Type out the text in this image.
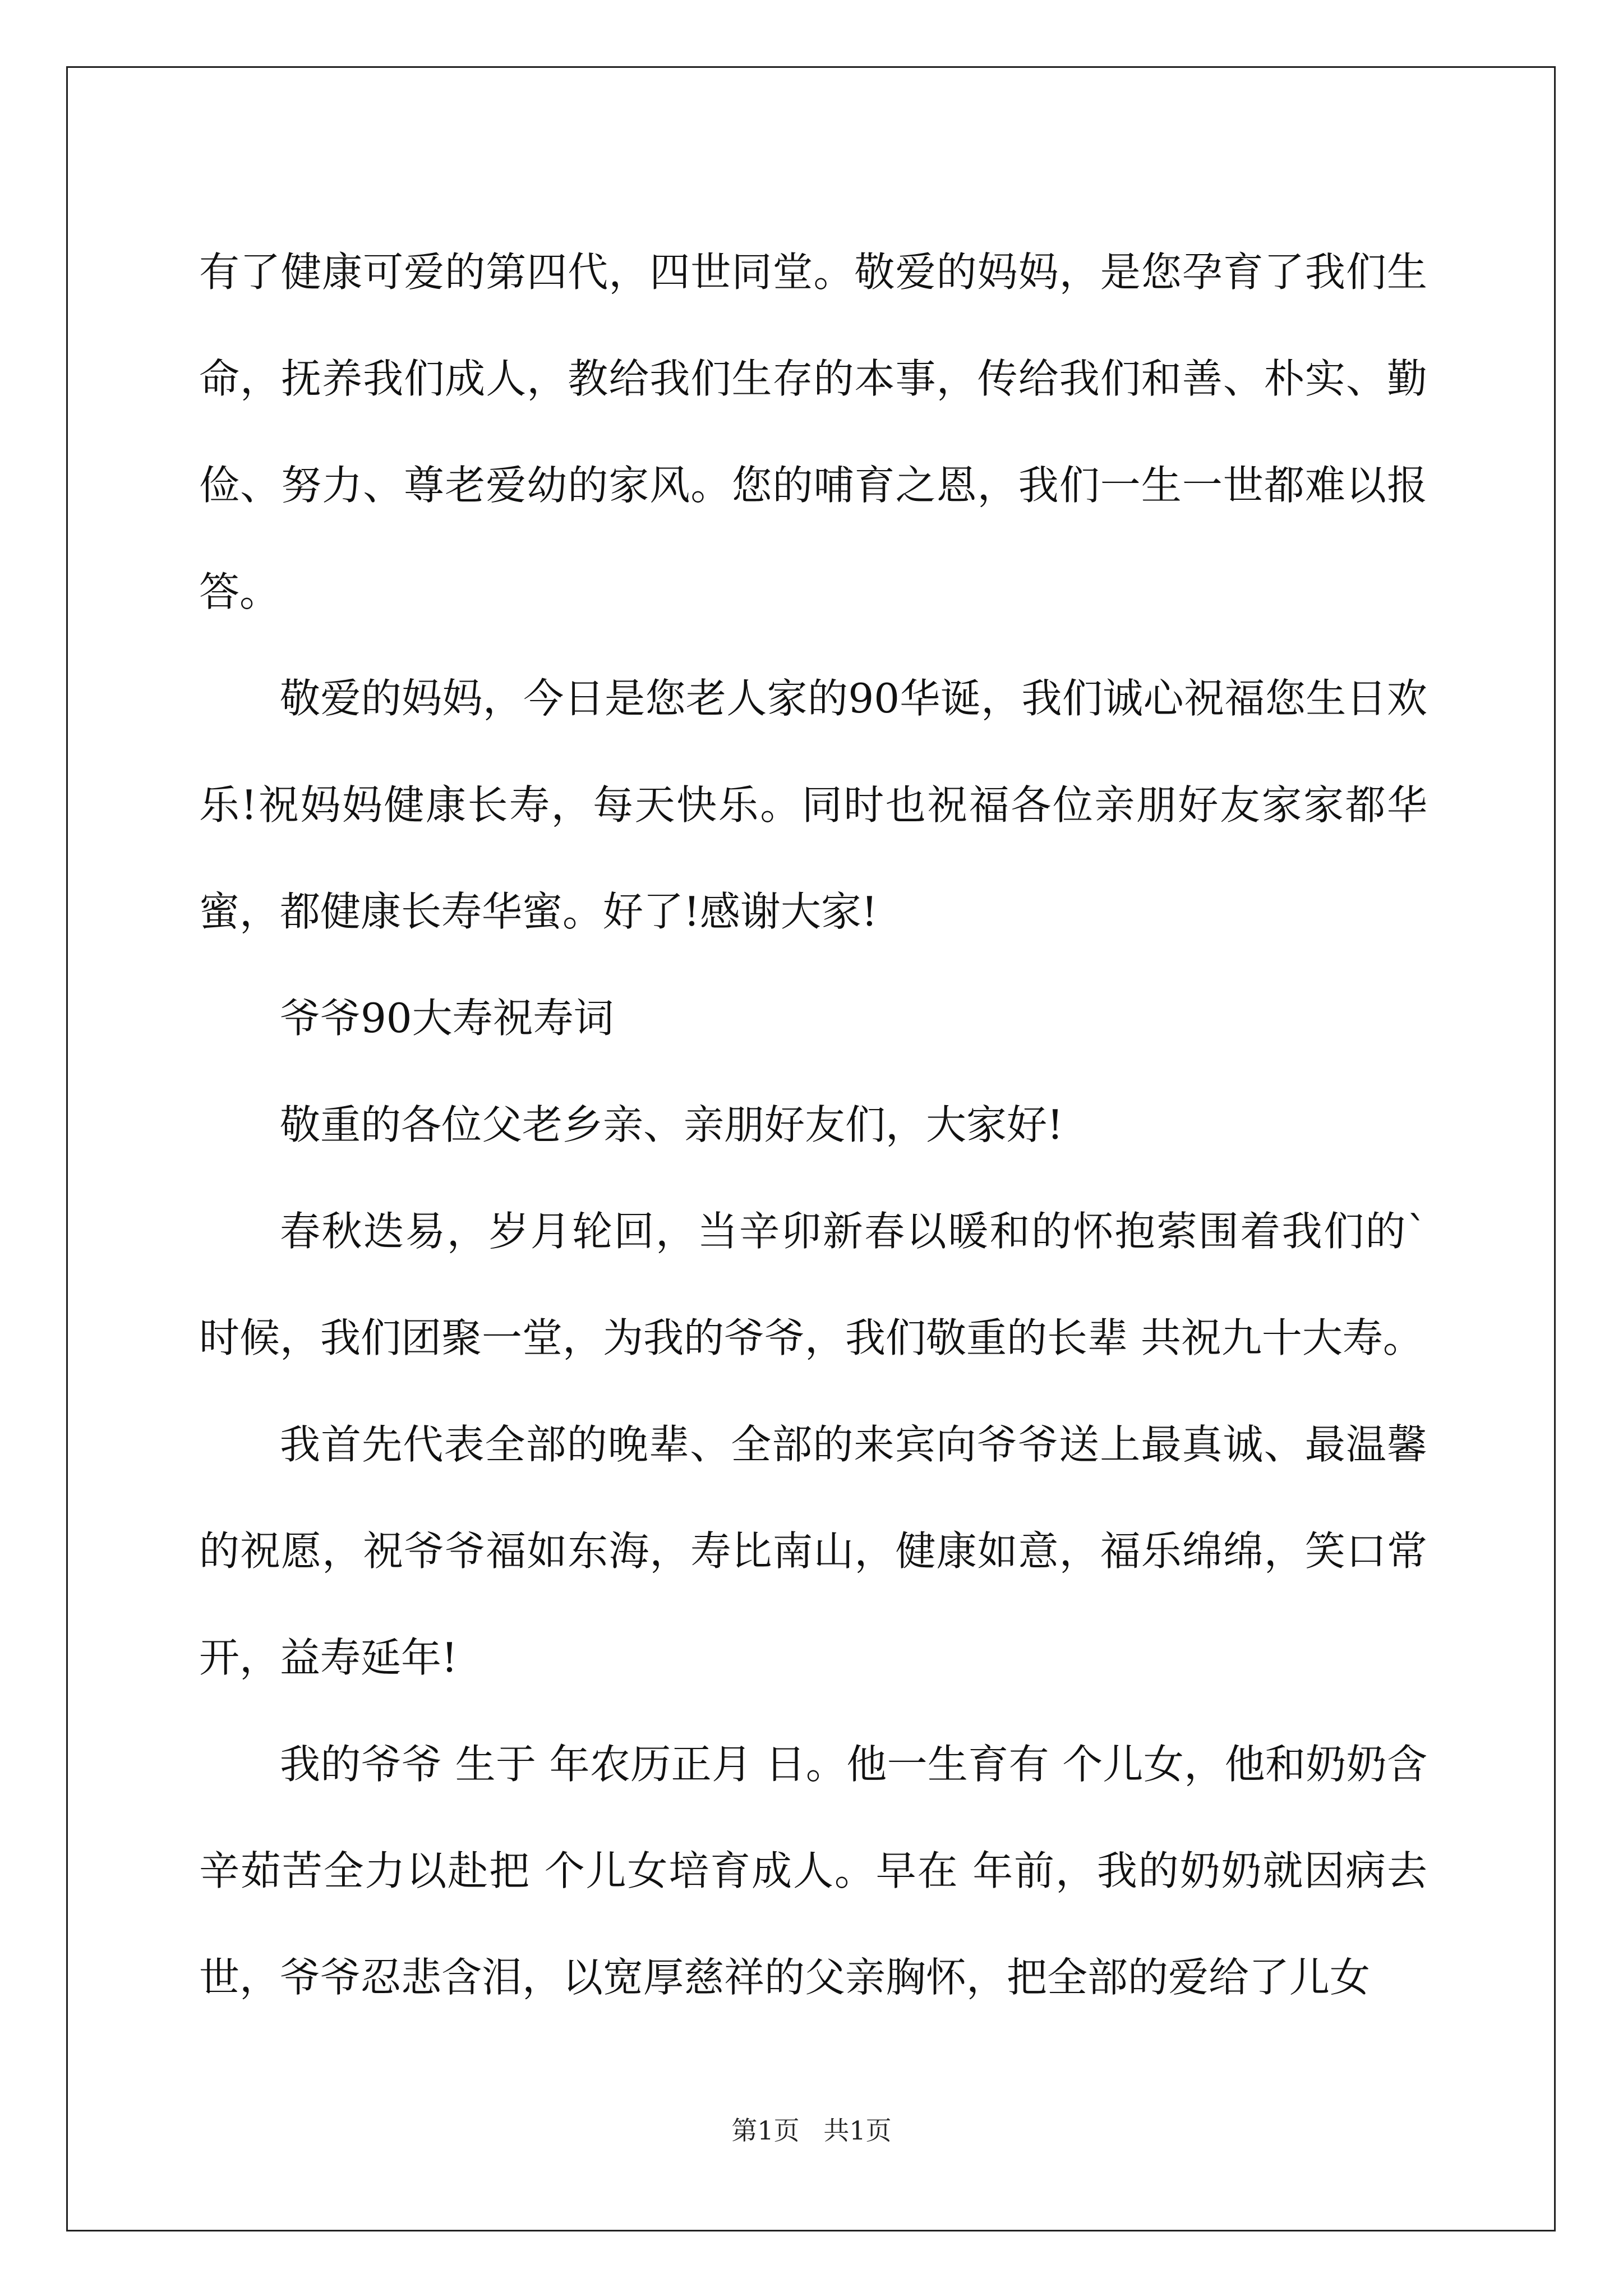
有了健康可爱的第四代，四世同堂。敬爱的妈妈，是您孕育了我们生命，抚养我们成人，教给我们生存的本事，传给我们和善、朴实、勤俭、努力、尊老爱幼的家风。您的哺育之恩，我们一生一世都难以报答。

敬爱的妈妈，今日是您老人家的90华诞，我们诚心祝福您生日欢乐!祝妈妈健康长寿，每天快乐。同时也祝福各位亲朋好友家家都华蜜，都健康长寿华蜜。好了!感谢大家!

爷爷90大寿祝寿词

敬重的各位父老乡亲、亲朋好友们，大家好!

春秋迭易，岁月轮回，当辛卯新春以暖和的怀抱萦围着我们的`时候，我们团聚一堂，为我的爷爷，我们敬重的长辈 共祝九十大寿。

我首先代表全部的晚辈、全部的来宾向爷爷送上最真诚、最温馨的祝愿，祝爷爷福如东海，寿比南山，健康如意，福乐绵绵，笑口常开，益寿延年!

我的爷爷 生于 年农历正月 日。他一生育有 个儿女，他和奶奶含辛茹苦全力以赴把 个儿女培育成人。早在 年前，我的奶奶就因病去世，爷爷忍悲含泪，以宽厚慈祥的父亲胸怀，把全部的爱给了儿女

第1页 共1页
